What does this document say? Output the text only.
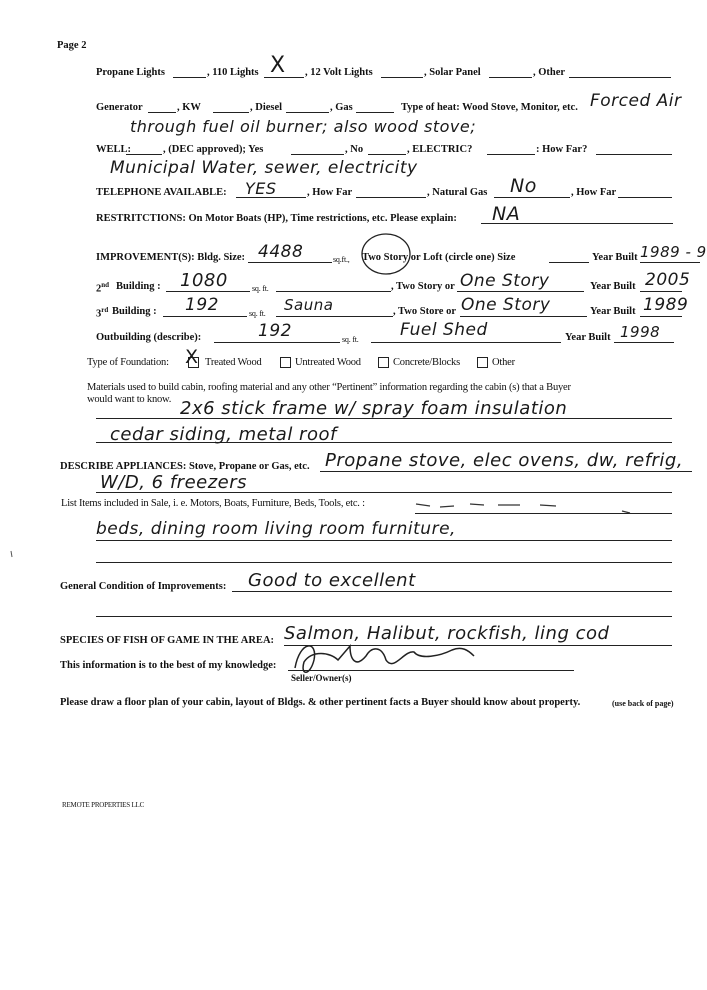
Page 2
Propane Lights	, 110 Lights X , 12 Volt Lights	, Solar Panel	, Other
Generator	, KW	, Diesel	, Gas	Type of heat: Wood Stove, Monitor, etc. Forced Air
through fuel oil burner; also wood stove;
WELL:	, (DEC approved); Yes	, No	, ELECTRIC?	: How Far?
Municipal Water, sewer, electricity
TELEPHONE AVAILABLE: YES	, How Far	, Natural Gas No	, How Far
RESTRITCTIONS: On Motor Boats (HP), Time restrictions, etc. Please explain: NA
IMPROVEMENT(S): Bldg. Size: 4488	sq.ft., Two Story or Loft (circle one) Size	Year Built 1989 - 9
2nd Building : 1080	sq. ft.	, Two Story or One Story	Year Built 2005
3rd Building : 192	sq. ft. Sauna	, Two Store or One Story	Year Built 1989
Outbuilding (describe):	192	sq. ft. Fuel Shed	Year Built 1998
Type of Foundation: X Treated Wood	Untreated Wood	Concrete/Blocks	Other
Materials used to build cabin, roofing material and any other “Pertinent” information regarding the cabin (s) that a Buyer
would want to know. 2x6 stick frame w/ spray foam insulation
cedar siding, metal roof
DESCRIBE APPLIANCES: Stove, Propane or Gas, etc. Propane stove, elec ovens, dw, refrig,
W/D, 6 freezers
List Items included in Sale, i. e. Motors, Boats, Furniture, Beds, Tools, etc. :
beds, dining room living room furniture,
General Condition of Improvements: Good to excellent
SPECIES OF FISH OF GAME IN THE AREA: Salmon, Halibut, rockfish, ling cod
This information is to the best of my knowledge:
Seller/Owner(s)
Please draw a floor plan of your cabin, layout of Bldgs. & other pertinent facts a Buyer should know about property.	(use back of page)
REMOTE PROPERTIES LLC
